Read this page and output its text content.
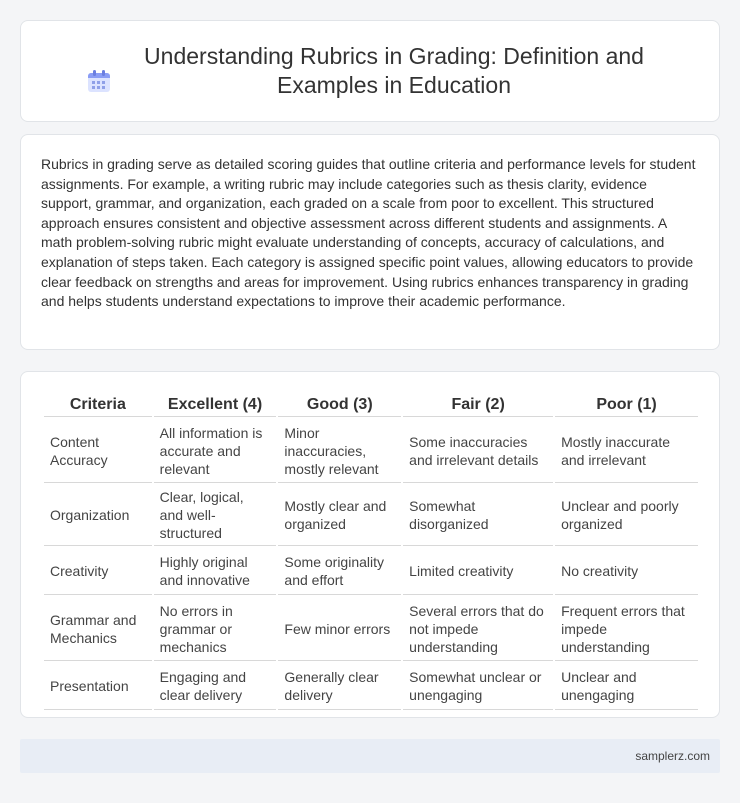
Understanding Rubrics in Grading: Definition and Examples in Education

Rubrics in grading serve as detailed scoring guides that outline criteria and performance levels for student assignments. For example, a writing rubric may include categories such as thesis clarity, evidence support, grammar, and organization, each graded on a scale from poor to excellent. This structured approach ensures consistent and objective assessment across different students and assignments. A math problem-solving rubric might evaluate understanding of concepts, accuracy of calculations, and explanation of steps taken. Each category is assigned specific point values, allowing educators to provide clear feedback on strengths and areas for improvement. Using rubrics enhances transparency in grading and helps students understand expectations to improve their academic performance.

Criteria	Excellent (4)	Good (3)	Fair (2)	Poor (1)
Content Accuracy	All information is accurate and relevant	Minor inaccuracies, mostly relevant	Some inaccuracies and irrelevant details	Mostly inaccurate and irrelevant
Organization	Clear, logical, and well-structured	Mostly clear and organized	Somewhat disorganized	Unclear and poorly organized
Creativity	Highly original and innovative	Some originality and effort	Limited creativity	No creativity
Grammar and Mechanics	No errors in grammar or mechanics	Few minor errors	Several errors that do not impede understanding	Frequent errors that impede understanding
Presentation	Engaging and clear delivery	Generally clear delivery	Somewhat unclear or unengaging	Unclear and unengaging
samplerz.com
